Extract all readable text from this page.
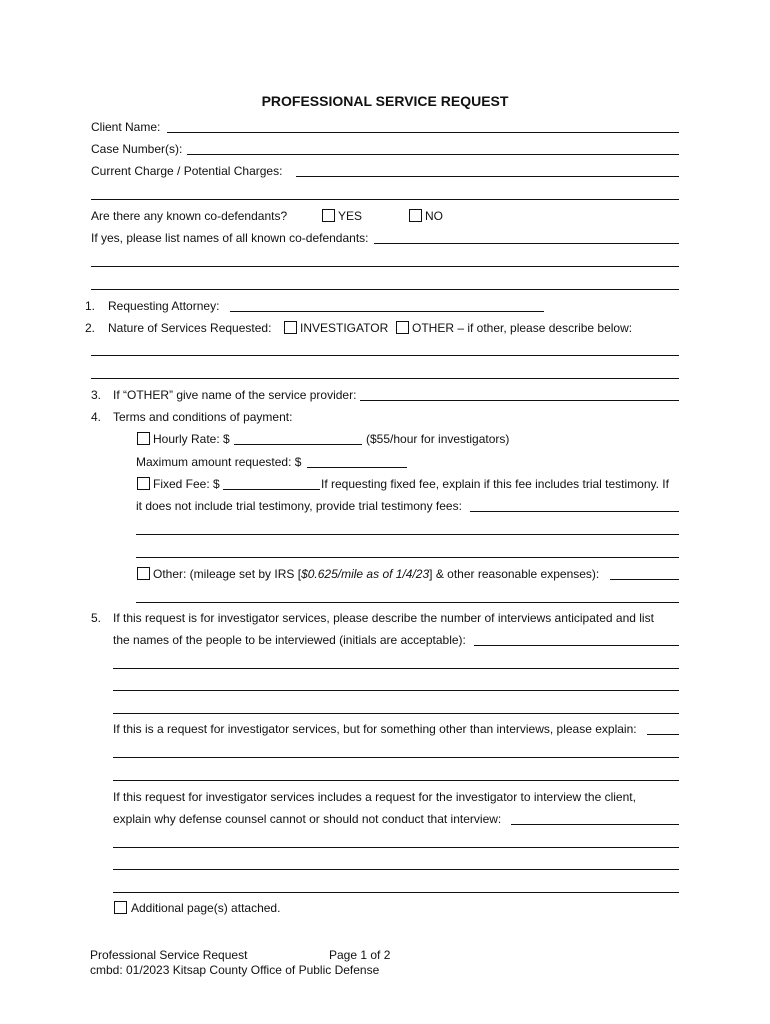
PROFESSIONAL SERVICE REQUEST
Client Name:
Case Number(s):
Current Charge / Potential Charges:
Are there any known co-defendants?	YES	NO
If yes, please list names of all known co-defendants:
1. Requesting Attorney:
2. Nature of Services Requested: INVESTIGATOR OTHER – if other, please describe below:
3. If “OTHER” give name of the service provider:
4. Terms and conditions of payment:
Hourly Rate: $	($55/hour for investigators)
Maximum amount requested: $
Fixed Fee: $	If requesting fixed fee, explain if this fee includes trial testimony. If
it does not include trial testimony, provide trial testimony fees:
Other: (mileage set by IRS [$0.625/mile as of 1/4/23] & other reasonable expenses):
5. If this request is for investigator services, please describe the number of interviews anticipated and list
the names of the people to be interviewed (initials are acceptable):
If this is a request for investigator services, but for something other than interviews, please explain:
If this request for investigator services includes a request for the investigator to interview the client,
explain why defense counsel cannot or should not conduct that interview:
Additional page(s) attached.
Professional Service Request	Page 1 of 2
cmbd: 01/2023 Kitsap County Office of Public Defense
